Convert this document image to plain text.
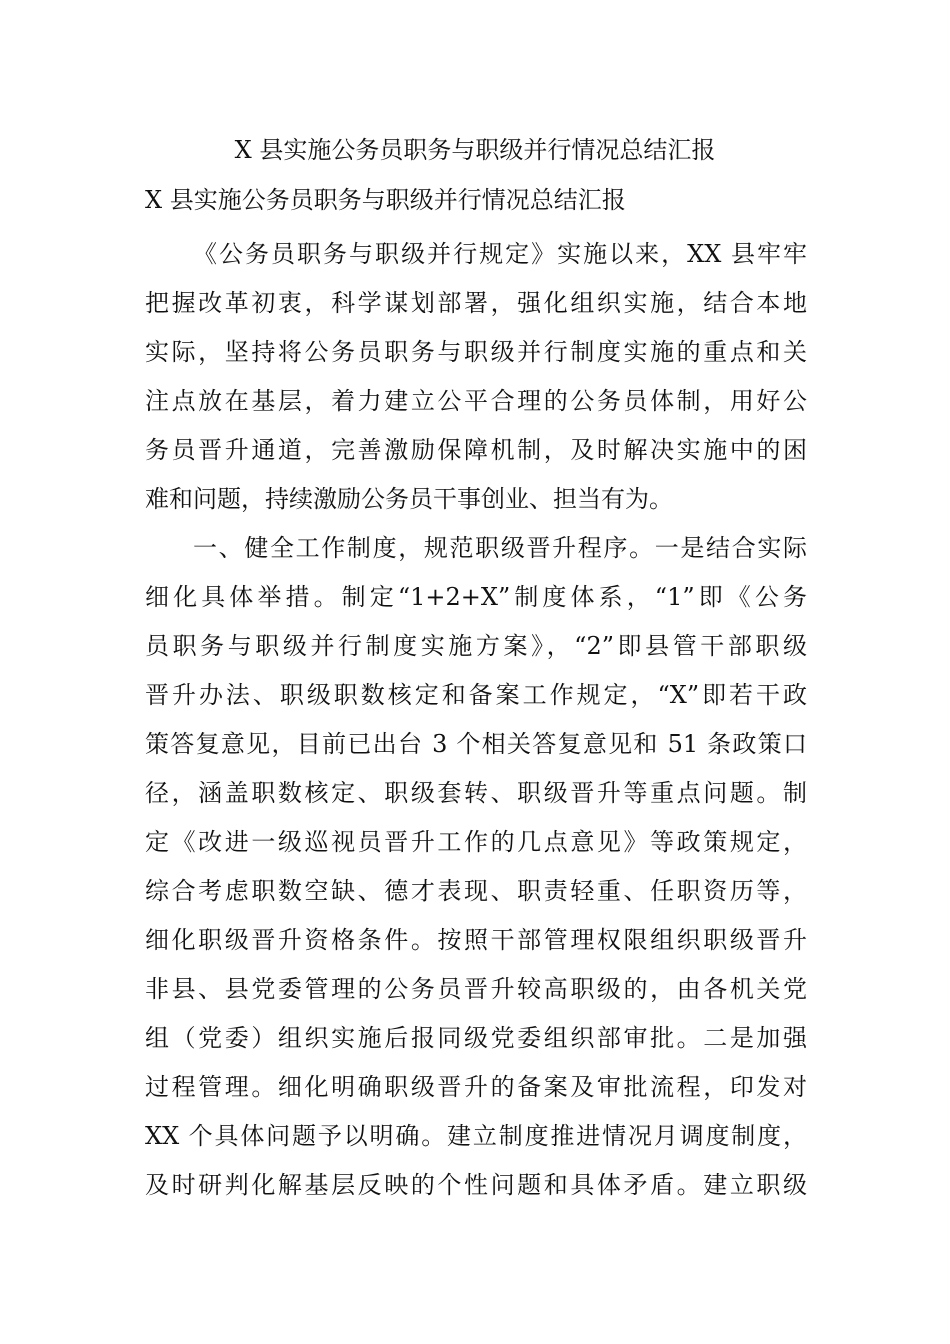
X 县实施公务员职务与职级并行情况总结汇报
X 县实施公务员职务与职级并行情况总结汇报

《公务员职务与职级并行规定》实施以来，XX 县牢牢
把握改革初衷，科学谋划部署，强化组织实施，结合本地
实际，坚持将公务员职务与职级并行制度实施的重点和关
注点放在基层，着力建立公平合理的公务员体制，用好公
务员晋升通道，完善激励保障机制，及时解决实施中的困
难和问题，持续激励公务员干事创业、担当有为。

一、健全工作制度，规范职级晋升程序。一是结合实际
细化具体举措。制定“1+2+X”制度体系，“1”即《公务
员职务与职级并行制度实施方案》，“2”即县管干部职级
晋升办法、职级职数核定和备案工作规定，“X”即若干政
策答复意见，目前已出台 3 个相关答复意见和 51 条政策口
径，涵盖职数核定、职级套转、职级晋升等重点问题。制
定《改进一级巡视员晋升工作的几点意见》等政策规定，
综合考虑职数空缺、德才表现、职责轻重、任职资历等，
细化职级晋升资格条件。按照干部管理权限组织职级晋升
非县、县党委管理的公务员晋升较高职级的，由各机关党
组（党委）组织实施后报同级党委组织部审批。二是加强
过程管理。细化明确职级晋升的备案及审批流程，印发对
XX 个具体问题予以明确。建立制度推进情况月调度制度，
及时研判化解基层反映的个性问题和具体矛盾。建立职级
